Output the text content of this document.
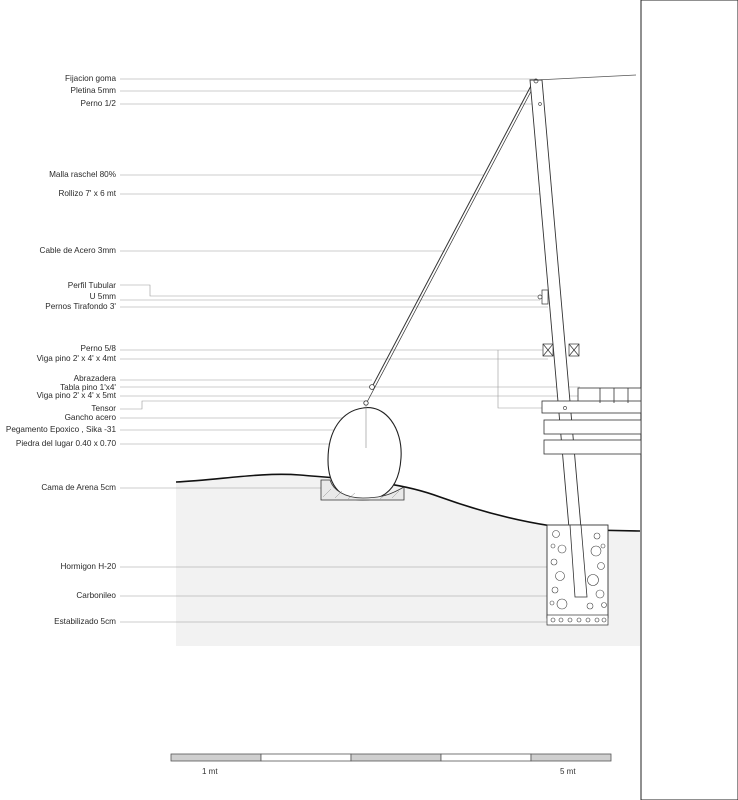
Fijacion goma
Pletina 5mm
Perno 1/2
Malla raschel 80%
Rollizo 7' x 6 mt
Cable de Acero 3mm
Perfil Tubular
U 5mm
Pernos Tirafondo 3'
Perno 5/8
Viga pino 2' x 4' x 4mt
Abrazadera
Tabla pino 1'x4'
Viga pino 2' x 4' x 5mt
Tensor
Gancho acero
Pegamento Epoxico , Sika -31
Piedra del lugar 0.40 x 0.70
Cama de Arena 5cm
Hormigon H-20
Carbonileo
Estabilizado 5cm
1 mt	5 mt
